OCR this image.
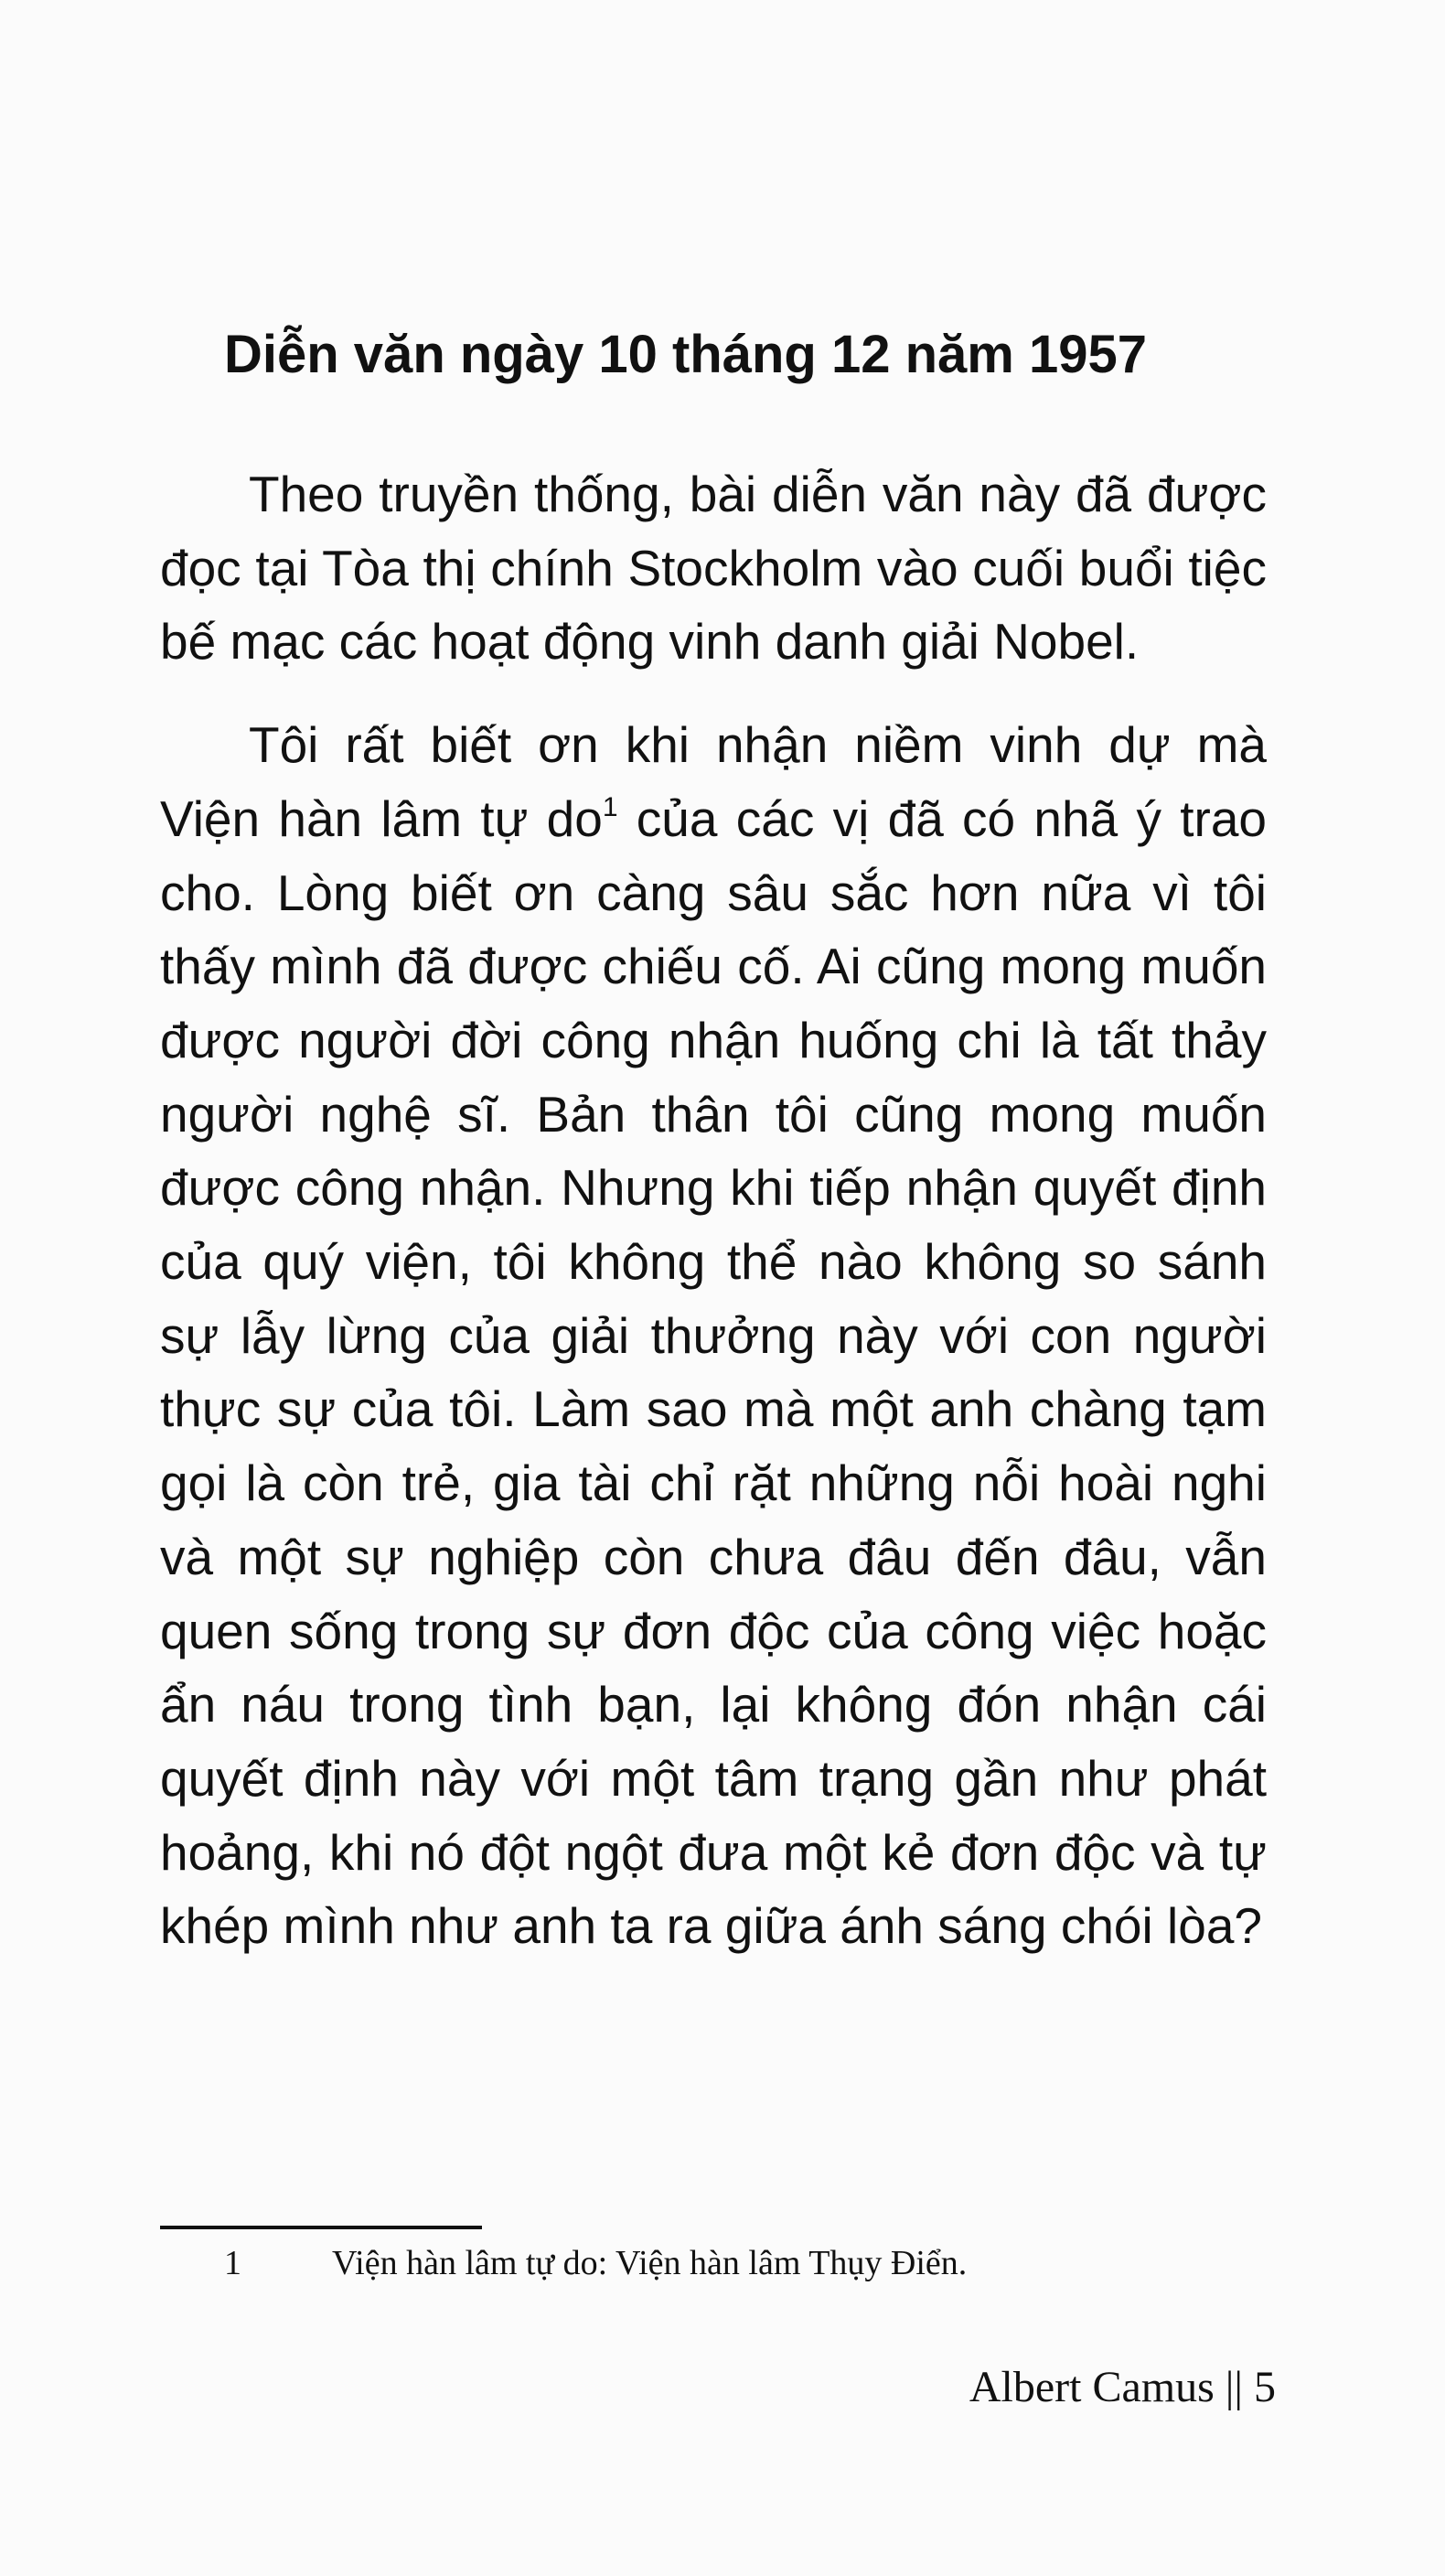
Diễn văn ngày 10 tháng 12 năm 1957

Theo truyền thống, bài diễn văn này đã được đọc tại Tòa thị chính Stockholm vào cuối buổi tiệc bế mạc các hoạt động vinh danh giải Nobel.

Tôi rất biết ơn khi nhận niềm vinh dự mà Viện hàn lâm tự $do^1$ của các vị đã có nhã ý trao cho. Lòng biết ơn càng sâu sắc hơn nữa vì tôi thấy mình đã được chiếu cố. Ai cũng mong muốn được người đời công nhận huống chi là tất thảy người nghệ sĩ. Bản thân tôi cũng mong muốn được công nhận. Nhưng khi tiếp nhận quyết định của quý viện, tôi không thể nào không so sánh sự lẫy lừng của giải thưởng này với con người thực sự của tôi. Làm sao mà một anh chàng tạm gọi là còn trẻ, gia tài chỉ rặt những nỗi hoài nghi và một sự nghiệp còn chưa đâu đến đâu, vẫn quen sống trong sự đơn độc của công việc hoặc ẩn náu trong tình bạn, lại không đón nhận cái quyết định này với một tâm trạng gần như phát hoảng, khi nó đột ngột đưa một kẻ đơn độc và tự khép mình như anh ta ra giữa ánh sáng chói lòa?

1	Viện hàn lâm tự do: Viện hàn lâm Thụy Điển.
Albert Camus || 5
